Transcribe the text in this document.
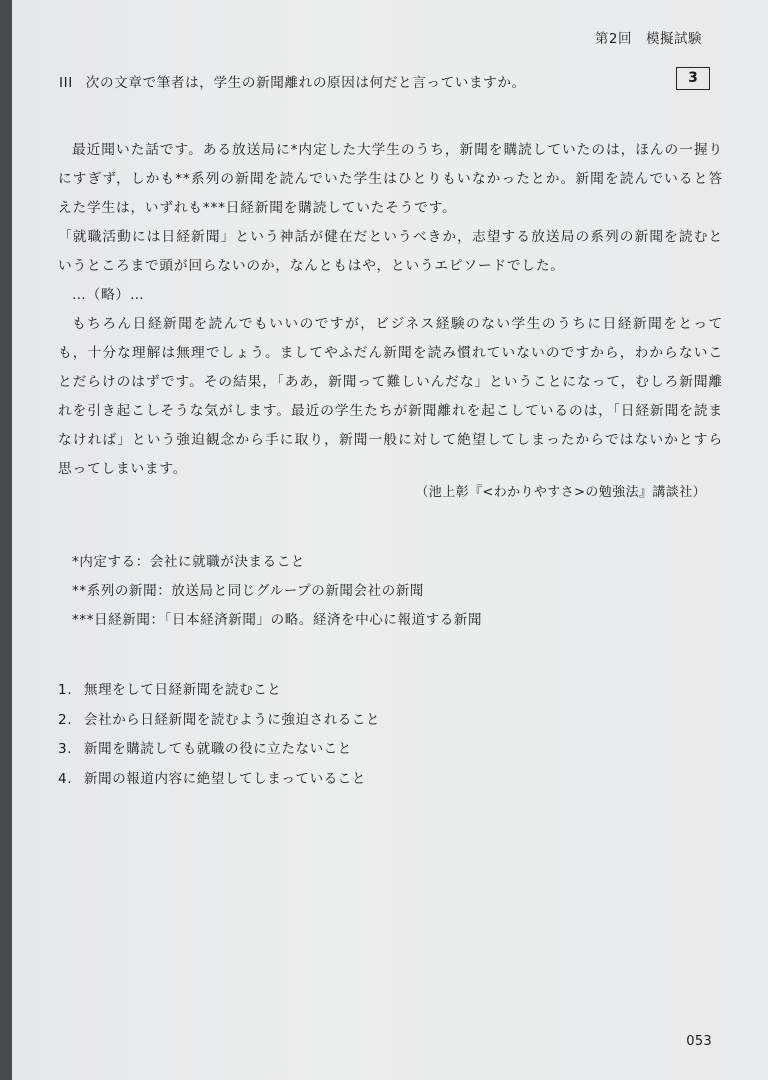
第2回　模擬試験
III 次の文章で筆者は，学生の新聞離れの原因は何だと言っていますか。	3

最近聞いた話です。ある放送局に*内定した大学生のうち，新聞を購読していたのは，ほんの一握りにすぎず，しかも**系列の新聞を読んでいた学生はひとりもいなかったとか。新聞を読んでいると答えた学生は，いずれも***日経新聞を購読していたそうです。

「就職活動には日経新聞」という神話が健在だというべきか，志望する放送局の系列の新聞を読むというところまで頭が回らないのか，なんともはや，というエピソードでした。

…（略）…

もちろん日経新聞を読んでもいいのですが，ビジネス経験のない学生のうちに日経新聞をとっても，十分な理解は無理でしょう。ましてやふだん新聞を読み慣れていないのですから，わからないことだらけのはずです。その結果，「ああ，新聞って難しいんだな」ということになって，むしろ新聞離れを引き起こしそうな気がします。最近の学生たちが新聞離れを起こしているのは，「日経新聞を読まなければ」という強迫観念から手に取り，新聞一般に対して絶望してしまったからではないかとすら思ってしまいます。

（池上彰『<わかりやすさ>の勉強法』講談社）
*内定する：会社に就職が決まること
**系列の新聞：放送局と同じグループの新聞会社の新聞
***日経新聞：「日本経済新聞」の略。経済を中心に報道する新聞
1. 無理をして日経新聞を読むこと
2. 会社から日経新聞を読むように強迫されること
3. 新聞を購読しても就職の役に立たないこと
4. 新聞の報道内容に絶望してしまっていること
053
